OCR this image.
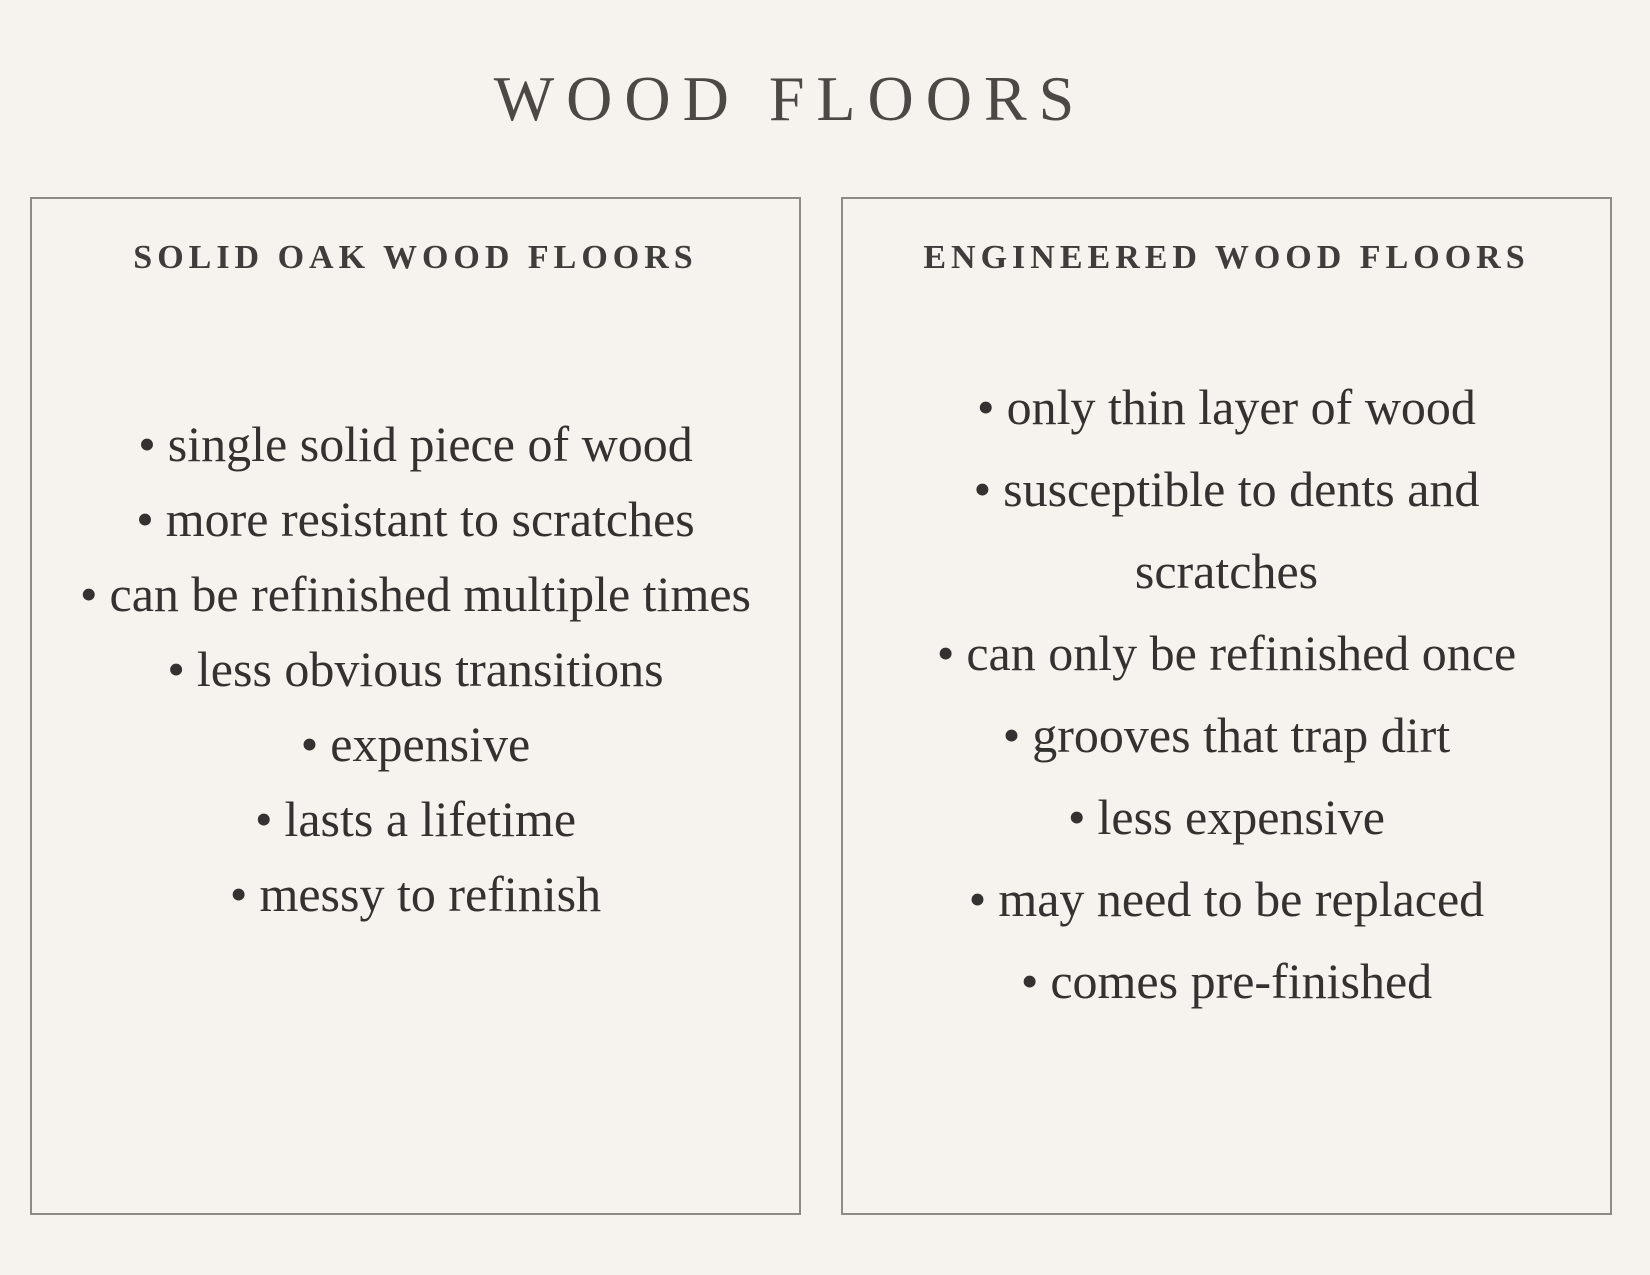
WOOD FLOORS
SOLID OAK WOOD FLOORS
• single solid piece of wood
• more resistant to scratches
• can be refinished multiple times
• less obvious transitions
• expensive
• lasts a lifetime
• messy to refinish
ENGINEERED WOOD FLOORS
• only thin layer of wood
• susceptible to dents and scratches
• can only be refinished once
• grooves that trap dirt
• less expensive
• may need to be replaced
• comes pre-finished
